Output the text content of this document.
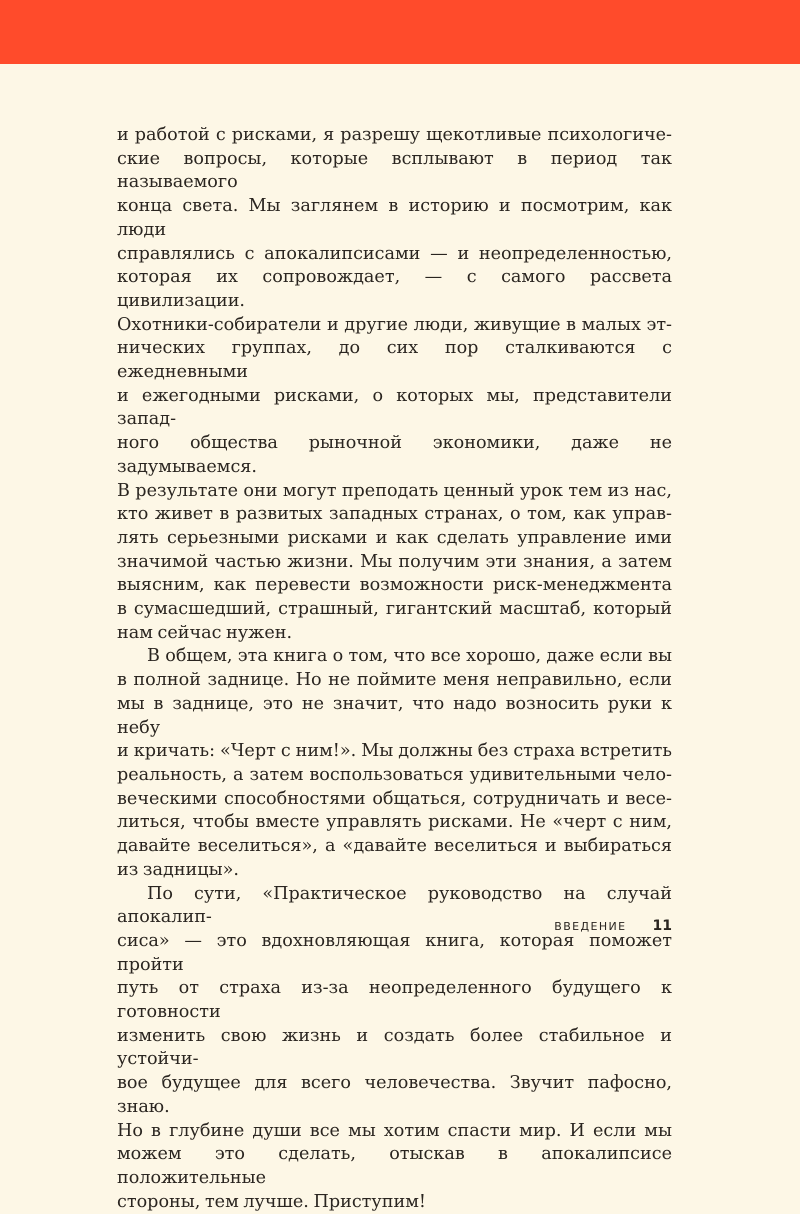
и работой с рисками, я разрешу щекотливые психологиче-

ские вопросы, которые всплывают в период так называемого

конца света. Мы заглянем в историю и посмотрим, как люди

справлялись с апокалипсисами — и неопределенностью,

которая их сопровождает, — с самого рассвета цивилизации.

Охотники-собиратели и другие люди, живущие в малых эт-

нических группах, до сих пор сталкиваются с ежедневными

и ежегодными рисками, о которых мы, представители запад-

ного общества рыночной экономики, даже не задумываемся.

В результате они могут преподать ценный урок тем из нас,

кто живет в развитых западных странах, о том, как управ-

лять серьезными рисками и как сделать управление ими

значимой частью жизни. Мы получим эти знания, а затем

выясним, как перевести возможности риск-менеджмента

в сумасшедший, страшный, гигантский масштаб, который

нам сейчас нужен.

В общем, эта книга о том, что все хорошо, даже если вы

в полной заднице. Но не поймите меня неправильно, если

мы в заднице, это не значит, что надо возносить руки к небу

и кричать: «Черт с ним!». Мы должны без страха встретить

реальность, а затем воспользоваться удивительными чело-

веческими способностями общаться, сотрудничать и весе-

литься, чтобы вместе управлять рисками. Не «черт с ним,

давайте веселиться», а «давайте веселиться и выбираться

из задницы».

По сути, «Практическое руководство на случай апокалип-

сиса» — это вдохновляющая книга, которая поможет пройти

путь от страха из-за неопределенного будущего к готовности

изменить свою жизнь и создать более стабильное и устойчи-

вое будущее для всего человечества. Звучит пафосно, знаю.

Но в глубине души все мы хотим спасти мир. И если мы

можем это сделать, отыскав в апокалипсисе положительные

стороны, тем лучше. Приступим!

ВВЕДЕНИЕ 11
